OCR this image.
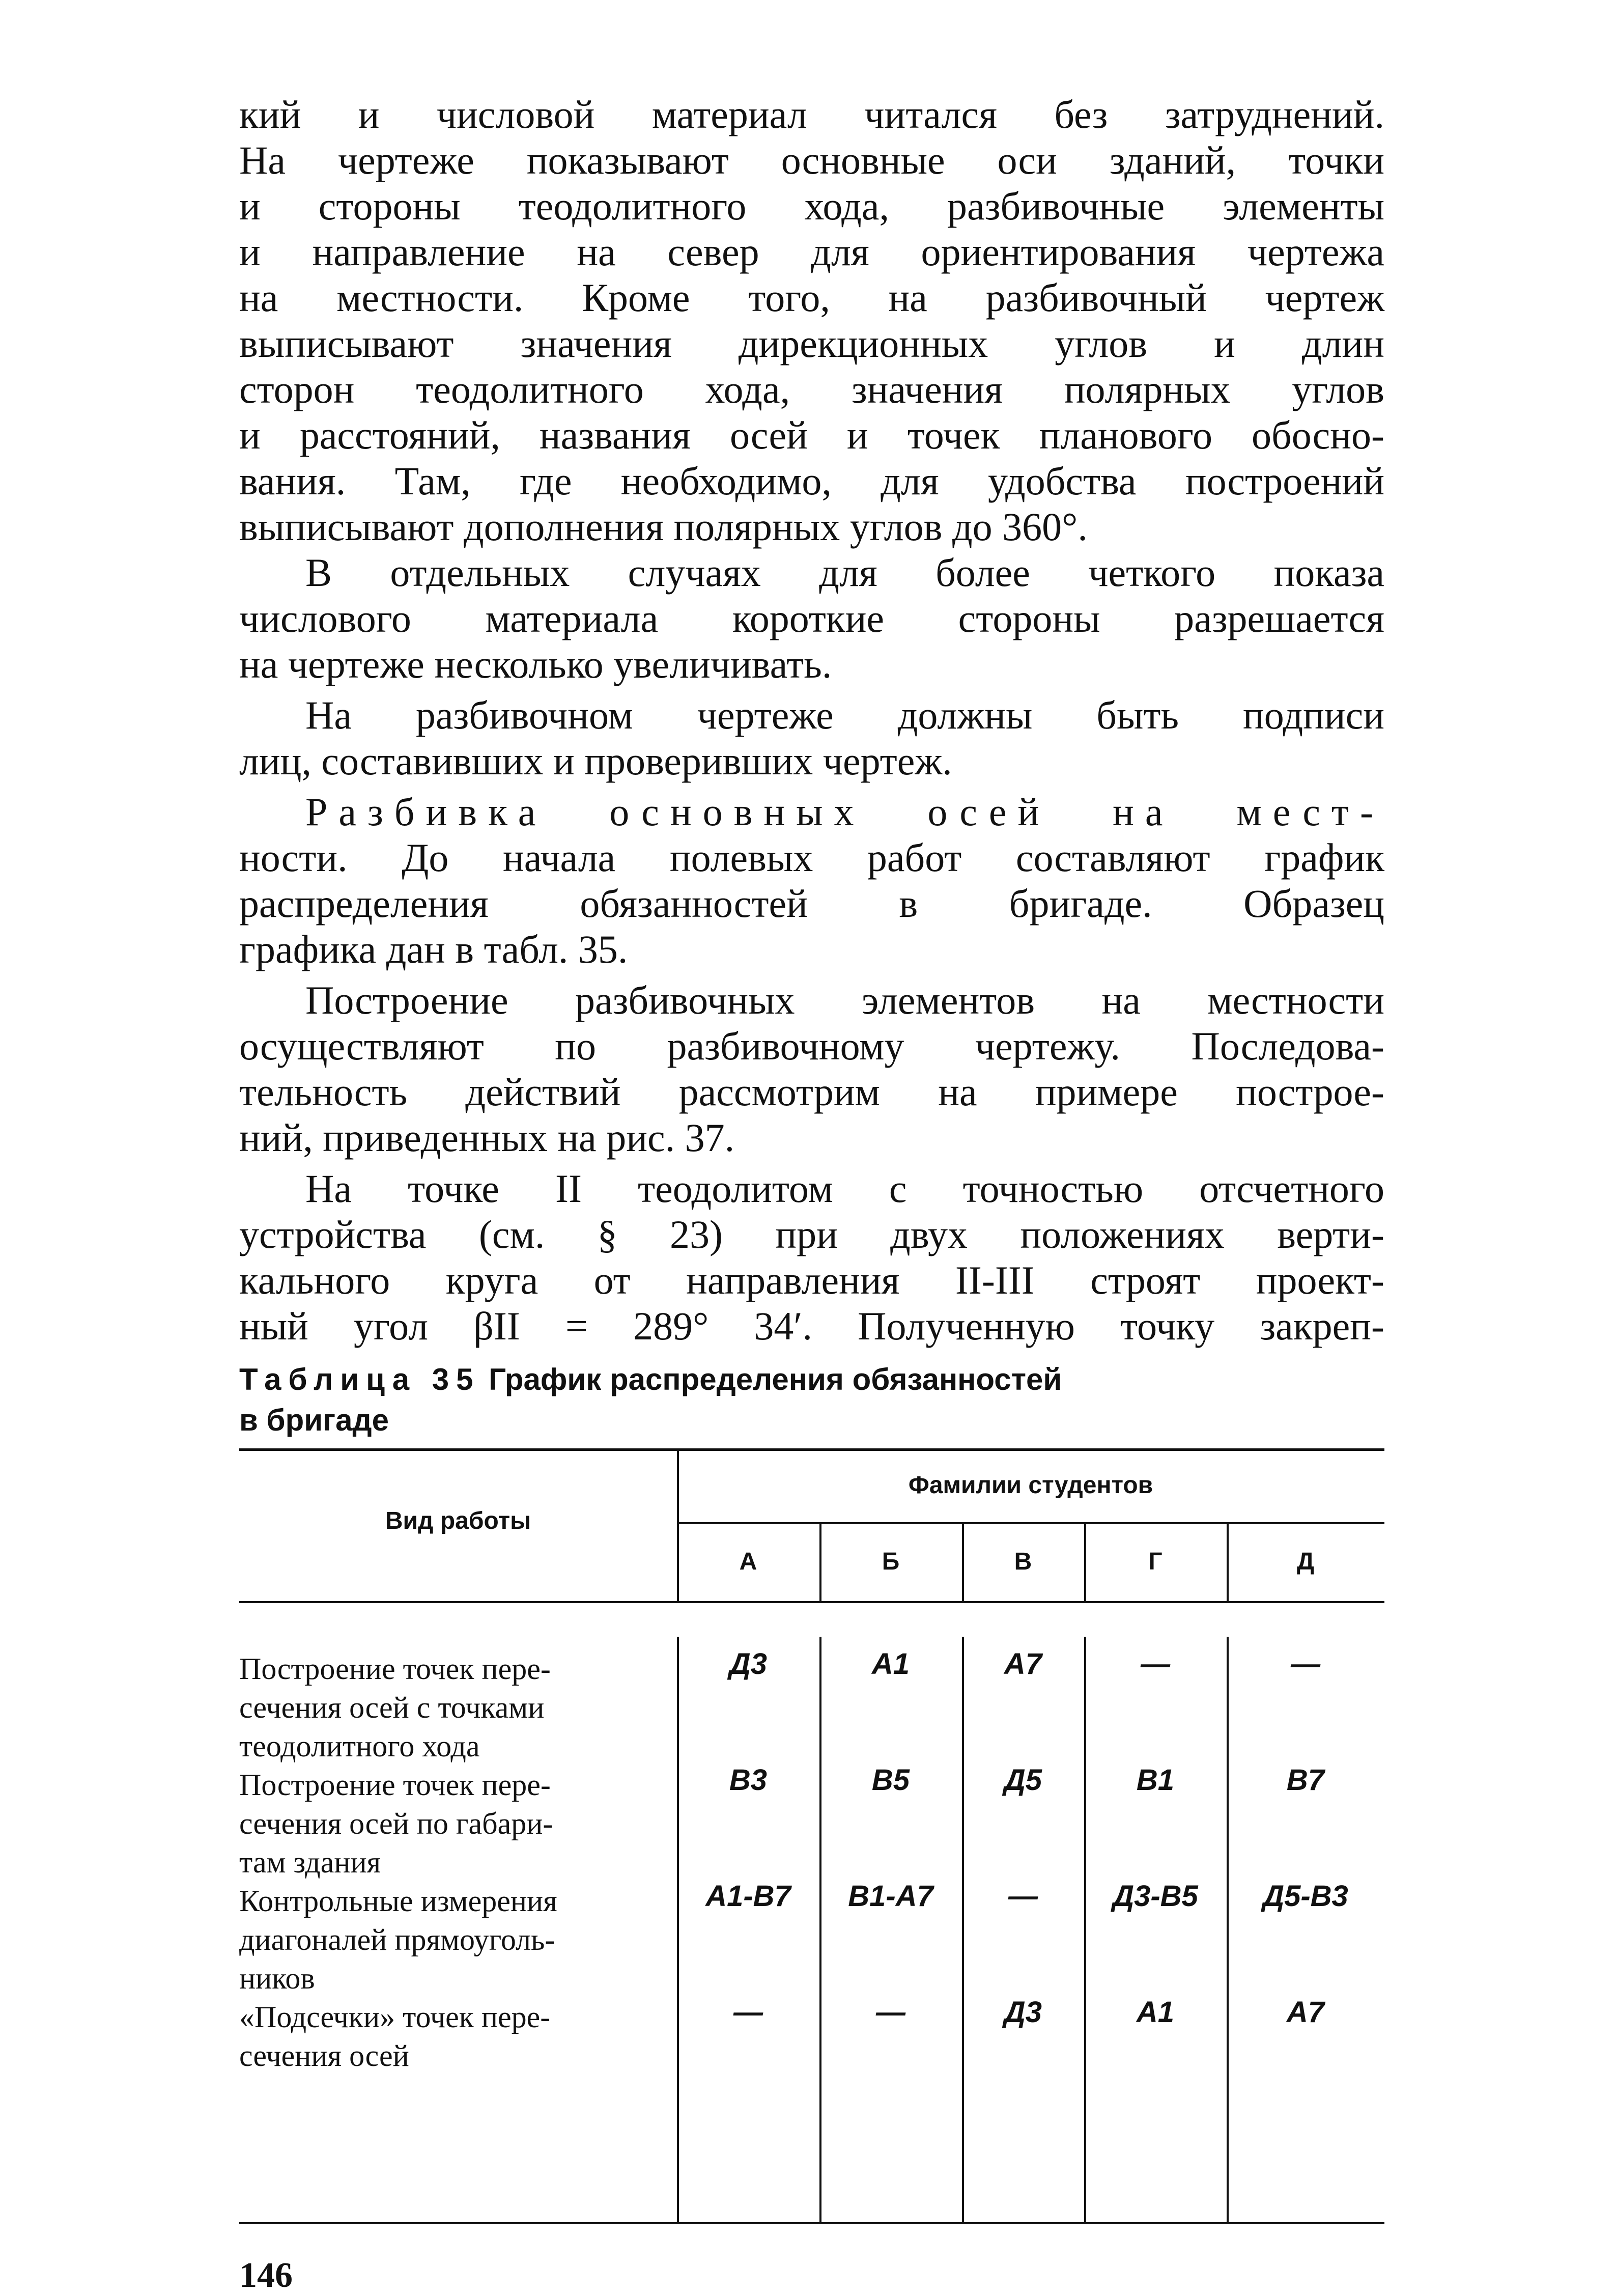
кий и числовой материал читался без затруднений.
На чертеже показывают основные оси зданий, точки
и стороны теодолитного хода, разбивочные элементы
и направление на север для ориентирования чертежа
на местности. Кроме того, на разбивочный чертеж
выписывают значения дирекционных углов и длин
сторон теодолитного хода, значения полярных углов
и расстояний, названия осей и точек планового обосно-
вания. Там, где необходимо, для удобства построений
выписывают дополнения полярных углов до 360°.
В отдельных случаях для более четкого показа
числового материала короткие стороны разрешается
на чертеже несколько увеличивать.
На разбивочном чертеже должны быть подписи
лиц, составивших и проверивших чертеж.
Разбивка основных осей на мест-
ности. До начала полевых работ составляют график
распределения обязанностей в бригаде. Образец
графика дан в табл. 35.
Построение разбивочных элементов на местности
осуществляют по разбивочному чертежу. Последова-
тельность действий рассмотрим на примере построе-
ний, приведенных на рис. 37.
На точке II теодолитом с точностью отсчетного
устройства (см. § 23) при двух положениях верти-
кального круга от направления II-III строят проект-
ный угол βII = 289° 34′. Полученную точку закреп-
Таблица 35 График распределения обязанностей
в бригаде
Вид работы
Фамилии студентов
А	Б	В	Г	Д
Построение точек пере-
сечения осей с точками
теодолитного хода
Д3	А1	А7	—	—
Построение точек пере-
сечения осей по габари-
там здания
В3	В5	Д5	В1	В7
Контрольные измерения
диагоналей прямоуголь-
ников
А1-В7	В1-А7	—	Д3-В5	Д5-В3
«Подсечки» точек пере-
сечения осей
—	—	Д3	А1	А7
146
